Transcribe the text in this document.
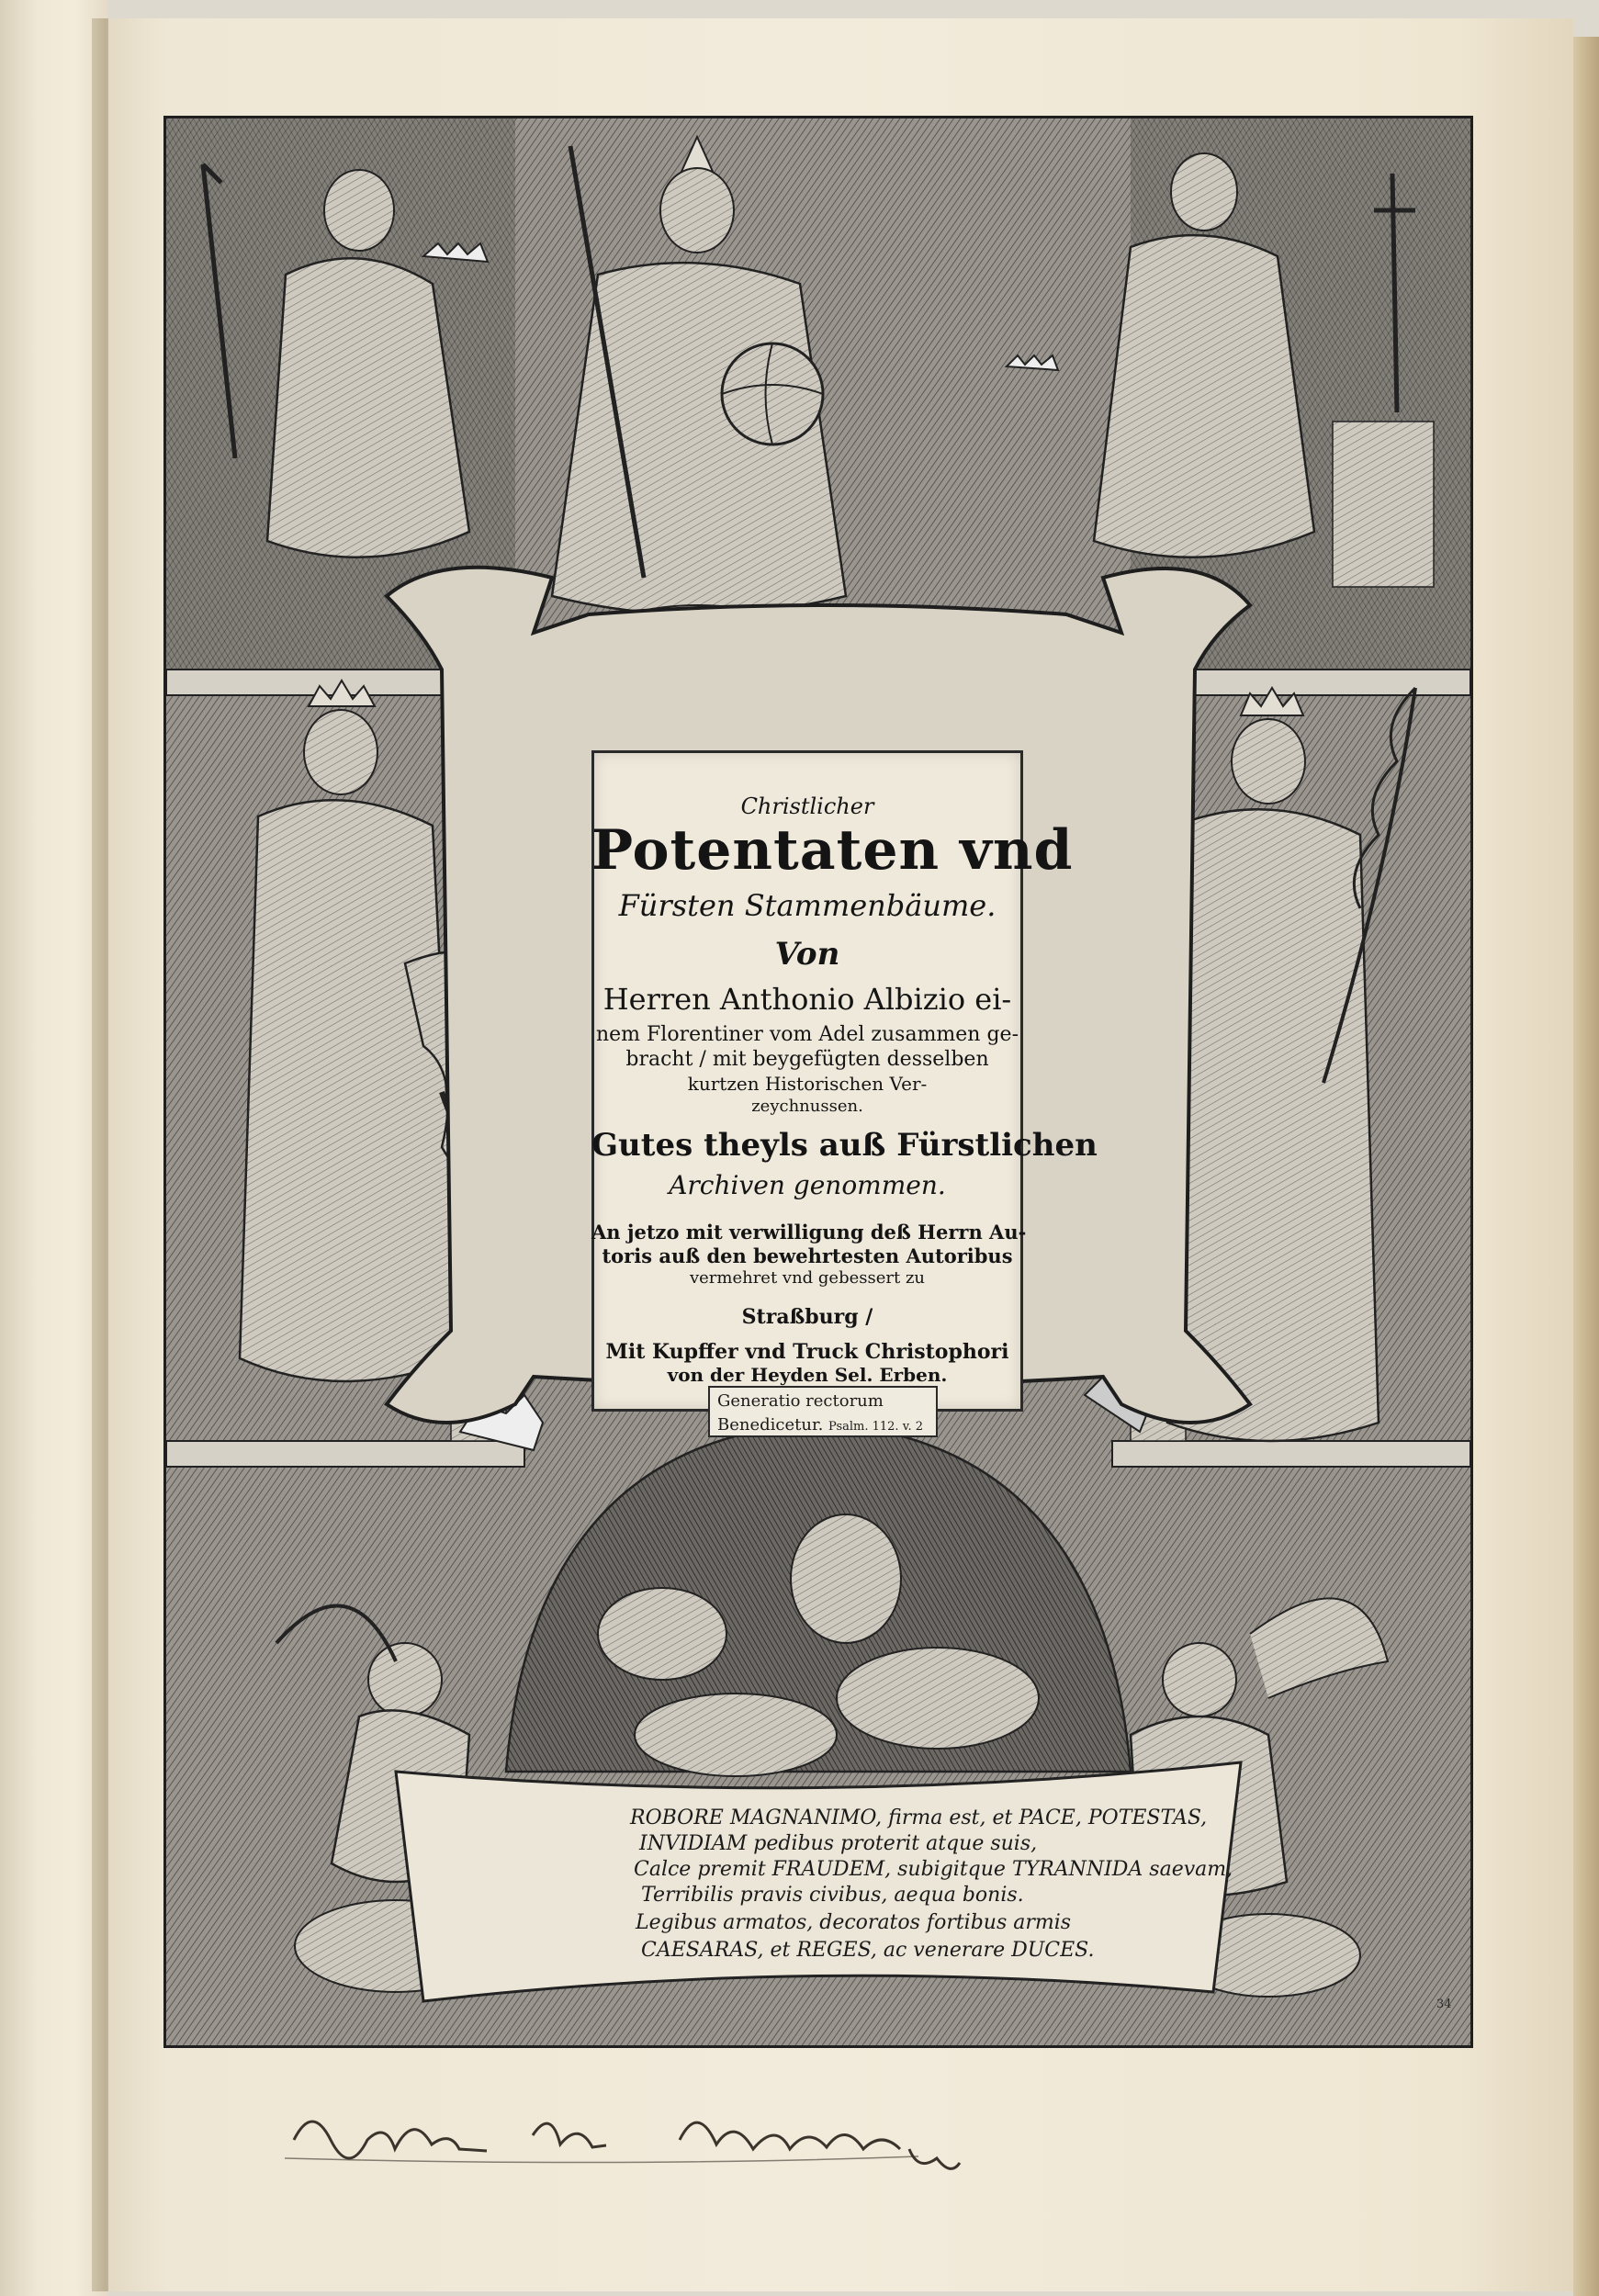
Christlicher
Potentaten vnd
Fürsten Stammenbäume.
Von
Herren Anthonio Albizio ei-
nem Florentiner vom Adel zusammen ge-
bracht / mit beygefügten desselben
kurtzen Historischen Ver-
zeychnussen.
Gutes theyls auß Fürstlichen
Archiven genommen.
An jetzo mit verwilligung deß Herrn Au-
toris auß den bewehrtesten Autoribus
vermehret vnd gebessert zu
Straßburg /
Mit Kupffer vnd Truck Christophori
von der Heyden Sel. Erben.
Generatio rectorum
Benedicetur. Psalm. 112. v. 2
ROBORE MAGNANIMO, firma est, et PACE, POTESTAS,
INVIDIAM pedibus proterit atque suis,
Calce premit FRAUDEM, subigitque TYRANNIDA saevam,
Terribilis pravis civibus, aequa bonis.
Legibus armatos, decoratos fortibus armis
CAESARAS, et REGES, ac venerare DUCES.
34
